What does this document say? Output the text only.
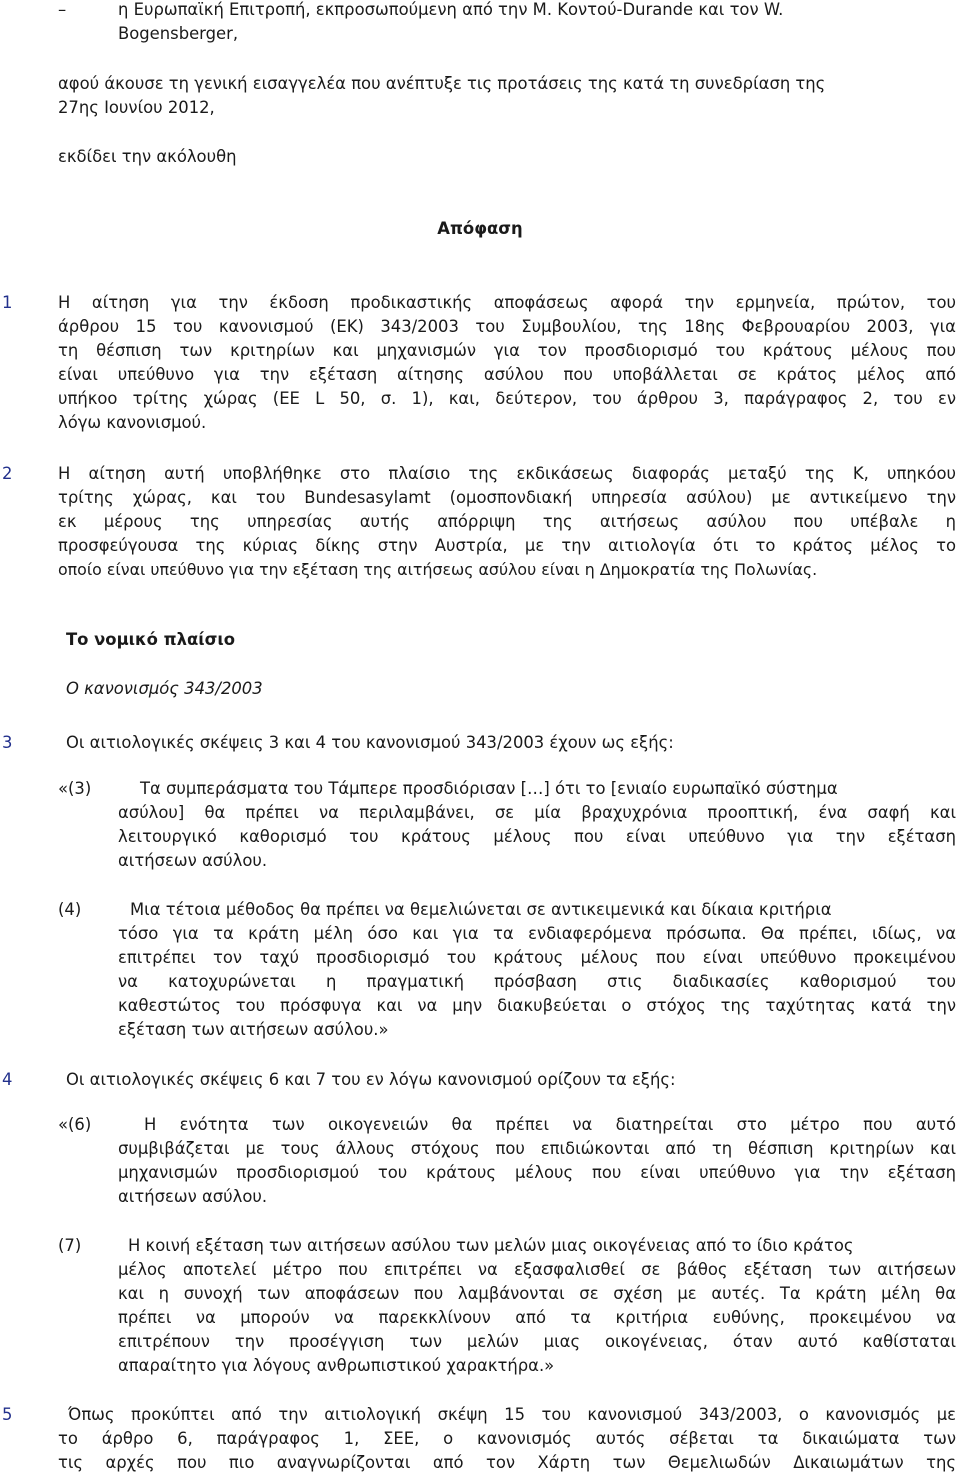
–	η Ευρωπαϊκή Επιτροπή, εκπροσωπούμενη από την Μ. Κοντού-Durande και τον W.
Bogensberger,
αφού άκουσε τη γενική εισαγγελέα που ανέπτυξε τις προτάσεις της κατά τη συνεδρίαση της
27ης Ιουνίου 2012,
εκδίδει την ακόλουθη
Απόφαση
1	Η αίτηση για την έκδοση προδικαστικής αποφάσεως αφορά την ερμηνεία, πρώτον, του
άρθρου 15 του κανονισμού (ΕΚ) 343/2003 του Συμβουλίου, της 18ης Φεβρουαρίου 2003, για
τη θέσπιση των κριτηρίων και μηχανισμών για τον προσδιορισμό του κράτους μέλους που
είναι υπεύθυνο για την εξέταση αίτησης ασύλου που υποβάλλεται σε κράτος μέλος από
υπήκοο τρίτης χώρας (ΕΕ L 50, σ. 1), και, δεύτερον, του άρθρου 3, παράγραφος 2, του εν
λόγω κανονισμού.
2	Η αίτηση αυτή υποβλήθηκε στο πλαίσιο της εκδικάσεως διαφοράς μεταξύ της K, υπηκόου
τρίτης χώρας, και του Bundesasylamt (ομοσπονδιακή υπηρεσία ασύλου) με αντικείμενο την
εκ μέρους της υπηρεσίας αυτής απόρριψη της αιτήσεως ασύλου που υπέβαλε η
προσφεύγουσα της κύριας δίκης στην Αυστρία, με την αιτιολογία ότι το κράτος μέλος το
οποίο είναι υπεύθυνο για την εξέταση της αιτήσεως ασύλου είναι η Δημοκρατία της Πολωνίας.
Το νομικό πλαίσιο
Ο κανονισμός 343/2003
3	Οι αιτιολογικές σκέψεις 3 και 4 του κανονισμού 343/2003 έχουν ως εξής:
«(3)	Τα συμπεράσματα του Τάμπερε προσδιόρισαν […] ότι το [ενιαίο ευρωπαϊκό σύστημα
ασύλου] θα πρέπει να περιλαμβάνει, σε μία βραχυχρόνια προοπτική, ένα σαφή και
λειτουργικό καθορισμό του κράτους μέλους που είναι υπεύθυνο για την εξέταση
αιτήσεων ασύλου.
(4)	Μια τέτοια μέθοδος θα πρέπει να θεμελιώνεται σε αντικειμενικά και δίκαια κριτήρια
τόσο για τα κράτη μέλη όσο και για τα ενδιαφερόμενα πρόσωπα. Θα πρέπει, ιδίως, να
επιτρέπει τον ταχύ προσδιορισμό του κράτους μέλους που είναι υπεύθυνο προκειμένου
να κατοχυρώνεται η πραγματική πρόσβαση στις διαδικασίες καθορισμού του
καθεστώτος του πρόσφυγα και να μην διακυβεύεται ο στόχος της ταχύτητας κατά την
εξέταση των αιτήσεων ασύλου.»
4	Οι αιτιολογικές σκέψεις 6 και 7 του εν λόγω κανονισμού ορίζουν τα εξής:
«(6)	Η ενότητα των οικογενειών θα πρέπει να διατηρείται στο μέτρο που αυτό
συμβιβάζεται με τους άλλους στόχους που επιδιώκονται από τη θέσπιση κριτηρίων και
μηχανισμών προσδιορισμού του κράτους μέλους που είναι υπεύθυνο για την εξέταση
αιτήσεων ασύλου.
(7)	Η κοινή εξέταση των αιτήσεων ασύλου των μελών μιας οικογένειας από το ίδιο κράτος
μέλος αποτελεί μέτρο που επιτρέπει να εξασφαλισθεί σε βάθος εξέταση των αιτήσεων
και η συνοχή των αποφάσεων που λαμβάνονται σε σχέση με αυτές. Τα κράτη μέλη θα
πρέπει να μπορούν να παρεκκλίνουν από τα κριτήρια ευθύνης, προκειμένου να
επιτρέπουν την προσέγγιση των μελών μιας οικογένειας, όταν αυτό καθίσταται
απαραίτητο για λόγους ανθρωπιστικού χαρακτήρα.»
5	Όπως προκύπτει από την αιτιολογική σκέψη 15 του κανονισμού 343/2003, ο κανονισμός με
το άρθρο 6, παράγραφος 1, ΣΕΕ, ο κανονισμός αυτός σέβεται τα δικαιώματα των
τις αρχές που πιο αναγνωρίζονται από τον Χάρτη των Θεμελιωδών Δικαιωμάτων της
